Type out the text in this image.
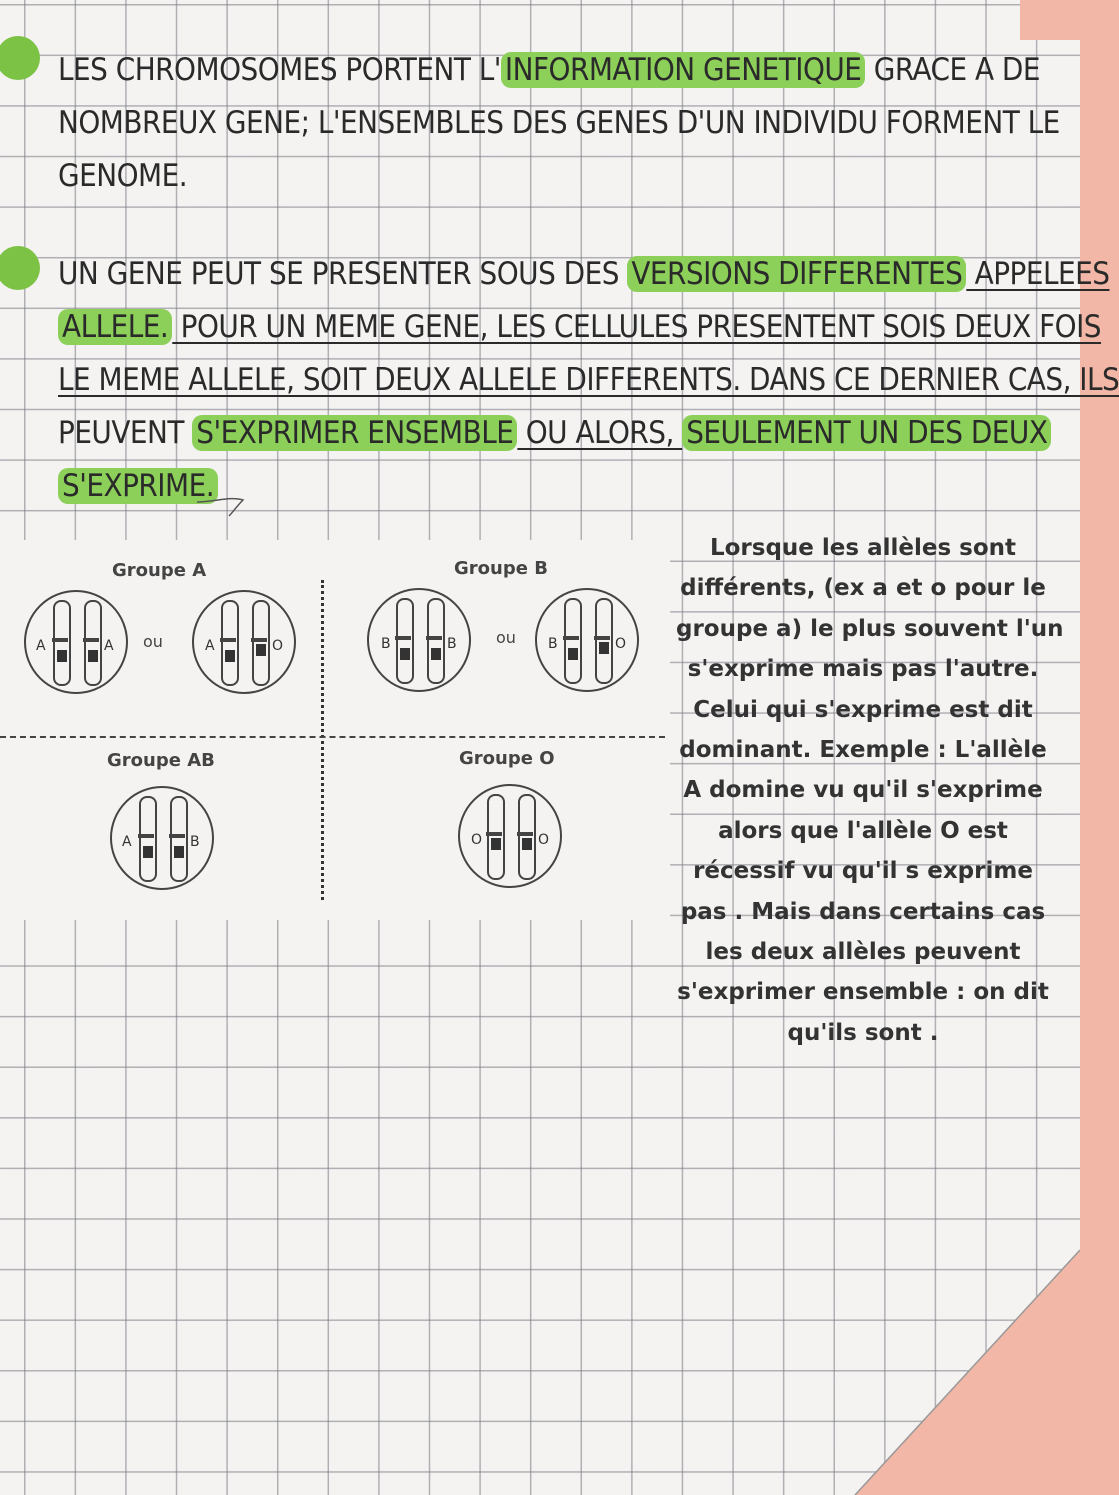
LES CHROMOSOMES PORTENT L' INFORMATION GENETIQUE GRACE A DE
NOMBREUX GENE; L'ENSEMBLES DES GENES D'UN INDIVIDU FORMENT LE
GENOME.
UN GENE PEUT SE PRESENTER SOUS DES VERSIONS DIFFERENTES APPELEES
ALLELE. POUR UN MEME GENE, LES CELLULES PRESENTENT SOIS DEUX FOIS
LE MEME ALLELE, SOIT DEUX ALLELE DIFFERENTS. DANS CE DERNIER CAS, ILS
PEUVENT S'EXPRIMER ENSEMBLE OU ALORS, SEULEMENT UN DES DEUX
S'EXPRIME.
Groupe A
ou
A	A	A	O
Groupe B
ou
B	B	B	O
Groupe AB
A	B
Groupe O
O	O
Lorsque les allèles sont
différents, (ex a et o pour le
groupe a) le plus souvent l'un
s'exprime mais pas l'autre.
Celui qui s'exprime est dit
dominant. Exemple : L'allèle
A domine vu qu'il s'exprime
alors que l'allèle O est
récessif vu qu'il s exprime
pas . Mais dans certains cas
les deux allèles peuvent
s'exprimer ensemble : on dit
qu'ils sont .
